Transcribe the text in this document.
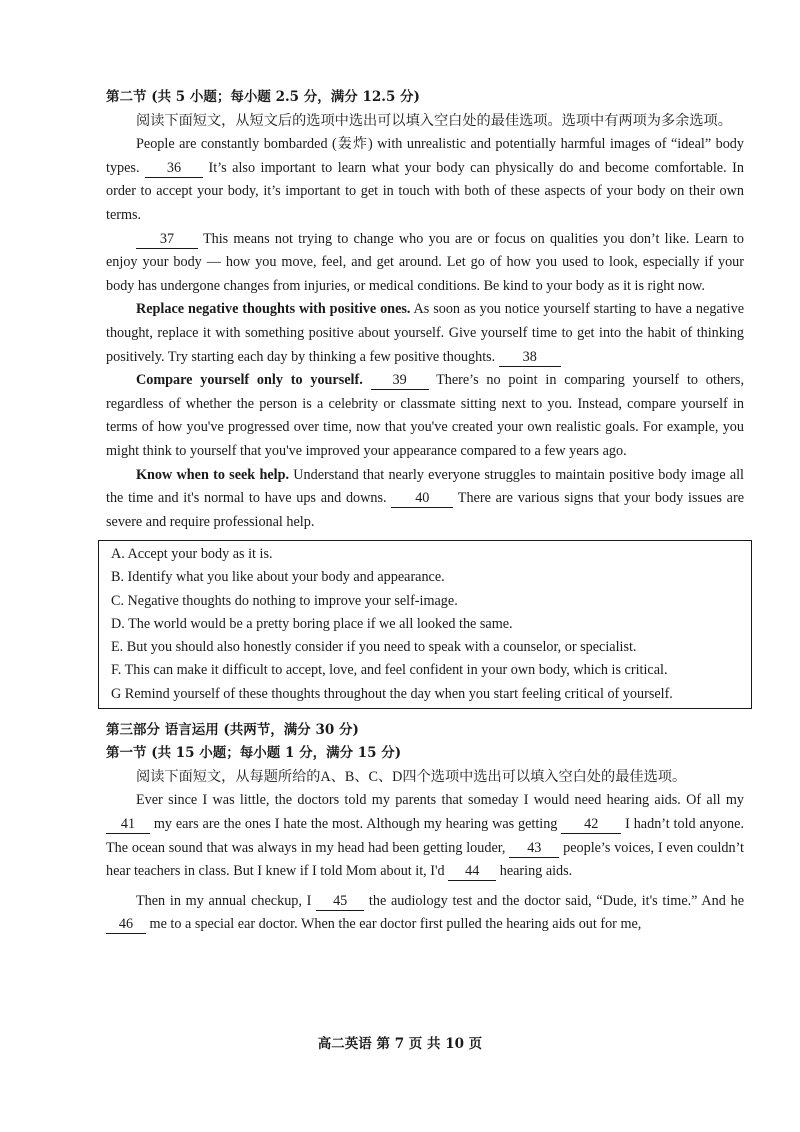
第二节 (共 5 小题；每小题 2.5 分，满分 12.5 分)

阅读下面短文，从短文后的选项中选出可以填入空白处的最佳选项。选项中有两项为多余选项。

People are constantly bombarded (轰炸) with unrealistic and potentially harmful images of “ideal” body types. 36 It’s also important to learn what your body can physically do and become comfortable. In order to accept your body, it’s important to get in touch with both of these aspects of your body on their own terms.

37 This means not trying to change who you are or focus on qualities you don’t like. Learn to enjoy your body — how you move, feel, and get around. Let go of how you used to look, especially if your body has undergone changes from injuries, or medical conditions. Be kind to your body as it is right now.

Replace negative thoughts with positive ones. As soon as you notice yourself starting to have a negative thought, replace it with something positive about yourself. Give yourself time to get into the habit of thinking positively. Try starting each day by thinking a few positive thoughts. 38

Compare yourself only to yourself. 39 There’s no point in comparing yourself to others, regardless of whether the person is a celebrity or classmate sitting next to you. Instead, compare yourself in terms of how you've progressed over time, now that you've created your own realistic goals. For example, you might think to yourself that you've improved your appearance compared to a few years ago.

Know when to seek help. Understand that nearly everyone struggles to maintain positive body image all the time and it's normal to have ups and downs. 40 There are various signs that your body issues are severe and require professional help.

A. Accept your body as it is.

B. Identify what you like about your body and appearance.

C. Negative thoughts do nothing to improve your self-image.

D. The world would be a pretty boring place if we all looked the same.

E. But you should also honestly consider if you need to speak with a counselor, or specialist.

F. This can make it difficult to accept, love, and feel confident in your own body, which is critical.

G Remind yourself of these thoughts throughout the day when you start feeling critical of yourself.

第三部分 语言运用 (共两节，满分 30 分)

第一节 (共 15 小题；每小题 1 分，满分 15 分)

阅读下面短文，从每题所给的A、B、C、D四个选项中选出可以填入空白处的最佳选项。

Ever since I was little, the doctors told my parents that someday I would need hearing aids. Of all my 41 my ears are the ones I hate the most. Although my hearing was getting 42 I hadn’t told anyone. The ocean sound that was always in my head had been getting louder, 43 people’s voices, I even couldn’t hear teachers in class. But I knew if I told Mom about it, I'd 44 hearing aids.

Then in my annual checkup, I 45 the audiology test and the doctor said, “Dude, it's time.” And he 46 me to a special ear doctor. When the ear doctor first pulled the hearing aids out for me,

高二英语 第 7 页 共 10 页
